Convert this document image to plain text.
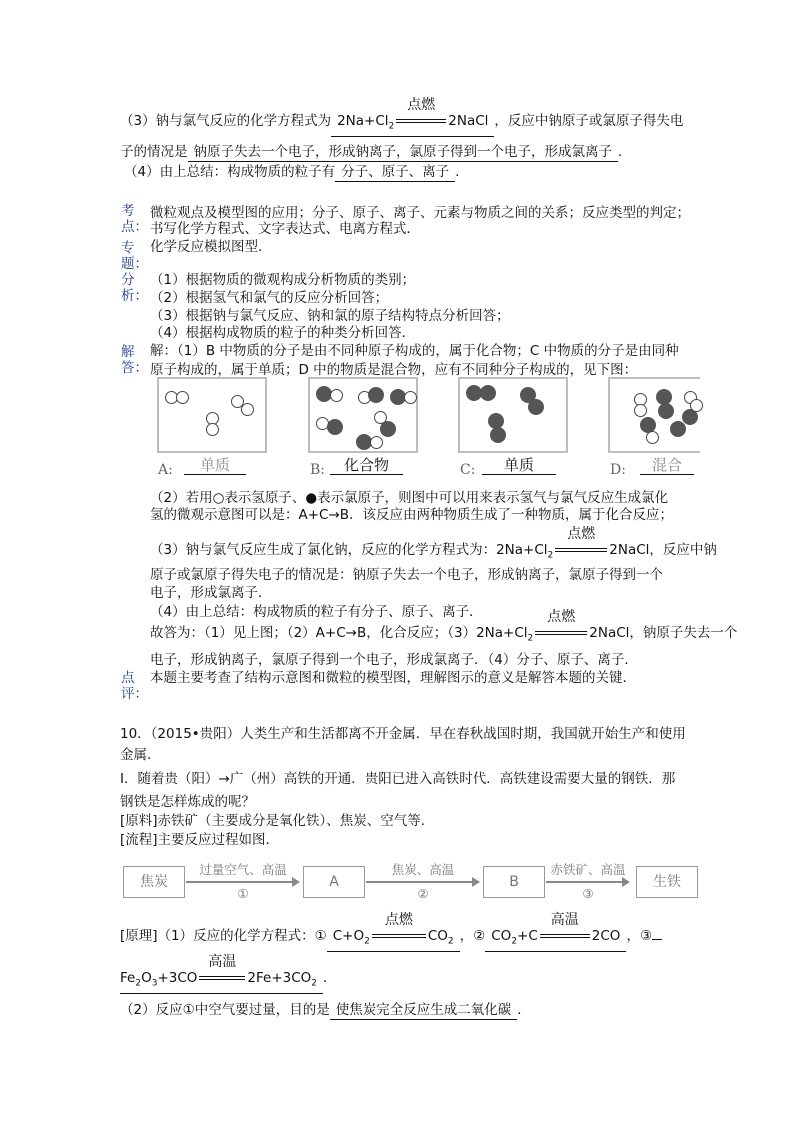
（3）钠与氯气反应的化学方程式为 $2Na+Cl_2$
点燃
2NaCl ，反应中钠原子或氯原子得失电
子的情况是 钠原子失去一个电子，形成钠离子，氯原子得到一个电子，形成氯离子 .
（4）由上总结：构成物质的粒子有 分子、原子、离子 .
考点：
微粒观点及模型图的应用；分子、原子、离子、元素与物质之间的关系；反应类型的判定；
书写化学方程式、文字表达式、电离方程式．
专题：
化学反应模拟图型．
分析：
（1）根据物质的微观构成分析物质的类别；
（2）根据氢气和氯气的反应分析回答；
（3）根据钠与氯气反应、钠和氯的原子结构特点分析回答；
（4）根据构成物质的粒子的种类分析回答．
解答：
解：（1）B 中物质的分子是由不同种原子构成的，属于化合物；C 中物质的分子是由同种
原子构成的，属于单质；D 中的物质是混合物，应有不同种分子构成的，见下图：
A:	单质	B:	化合物	C:	单质	D:	混合
（2）若用○表示氢原子、●表示氯原子，则图中可以用来表示氢气与氯气反应生成氯化
氢的微观示意图可以是：A+C→B．该反应由两种物质生成了一种物质，属于化合反应；
（3）钠与氯气反应生成了氯化钠，反应的化学方程式为：$2Na+Cl_2$
点燃
2NaCl，反应中钠
原子或氯原子得失电子的情况是：钠原子失去一个电子，形成钠离子，氯原子得到一个
电子，形成氯离子．
（4）由上总结：构成物质的粒子有分子、原子、离子．
故答为：（1）见上图；（2）A+C→B，化合反应；$(3)2Na+Cl_2$
点燃
2NaCl，钠原子失去一个
电子，形成钠离子，氯原子得到一个电子，形成氯离子．（4）分子、原子、离子．
点评：
本题主要考查了结构示意图和微粒的模型图，理解图示的意义是解答本题的关键．
10．（2015•贵阳）人类生产和生活都离不开金属．早在春秋战国时期，我国就开始生产和使用
金属．
Ⅰ．随着贵（阳）→广（州）高铁的开通．贵阳已进入高铁时代．高铁建设需要大量的钢铁．那
钢铁是怎样炼成的呢？
[原料]赤铁矿（主要成分是氧化铁）、焦炭、空气等．
[流程]主要反应过程如图．
焦炭
过量空气、高温
①
A
焦炭、高温
②
B
赤铁矿、高温
③
生铁
[原理]（1）反应的化学方程式：① $C+O_2$
点燃
$CO_2$ ，② $CO_2+C$
高温
2CO ，③
$Fe_2O_3+3CO$
高温
$2Fe+3CO_2$ ．
（2）反应①中空气要过量，目的是 使焦炭完全反应生成二氧化碳 ．
